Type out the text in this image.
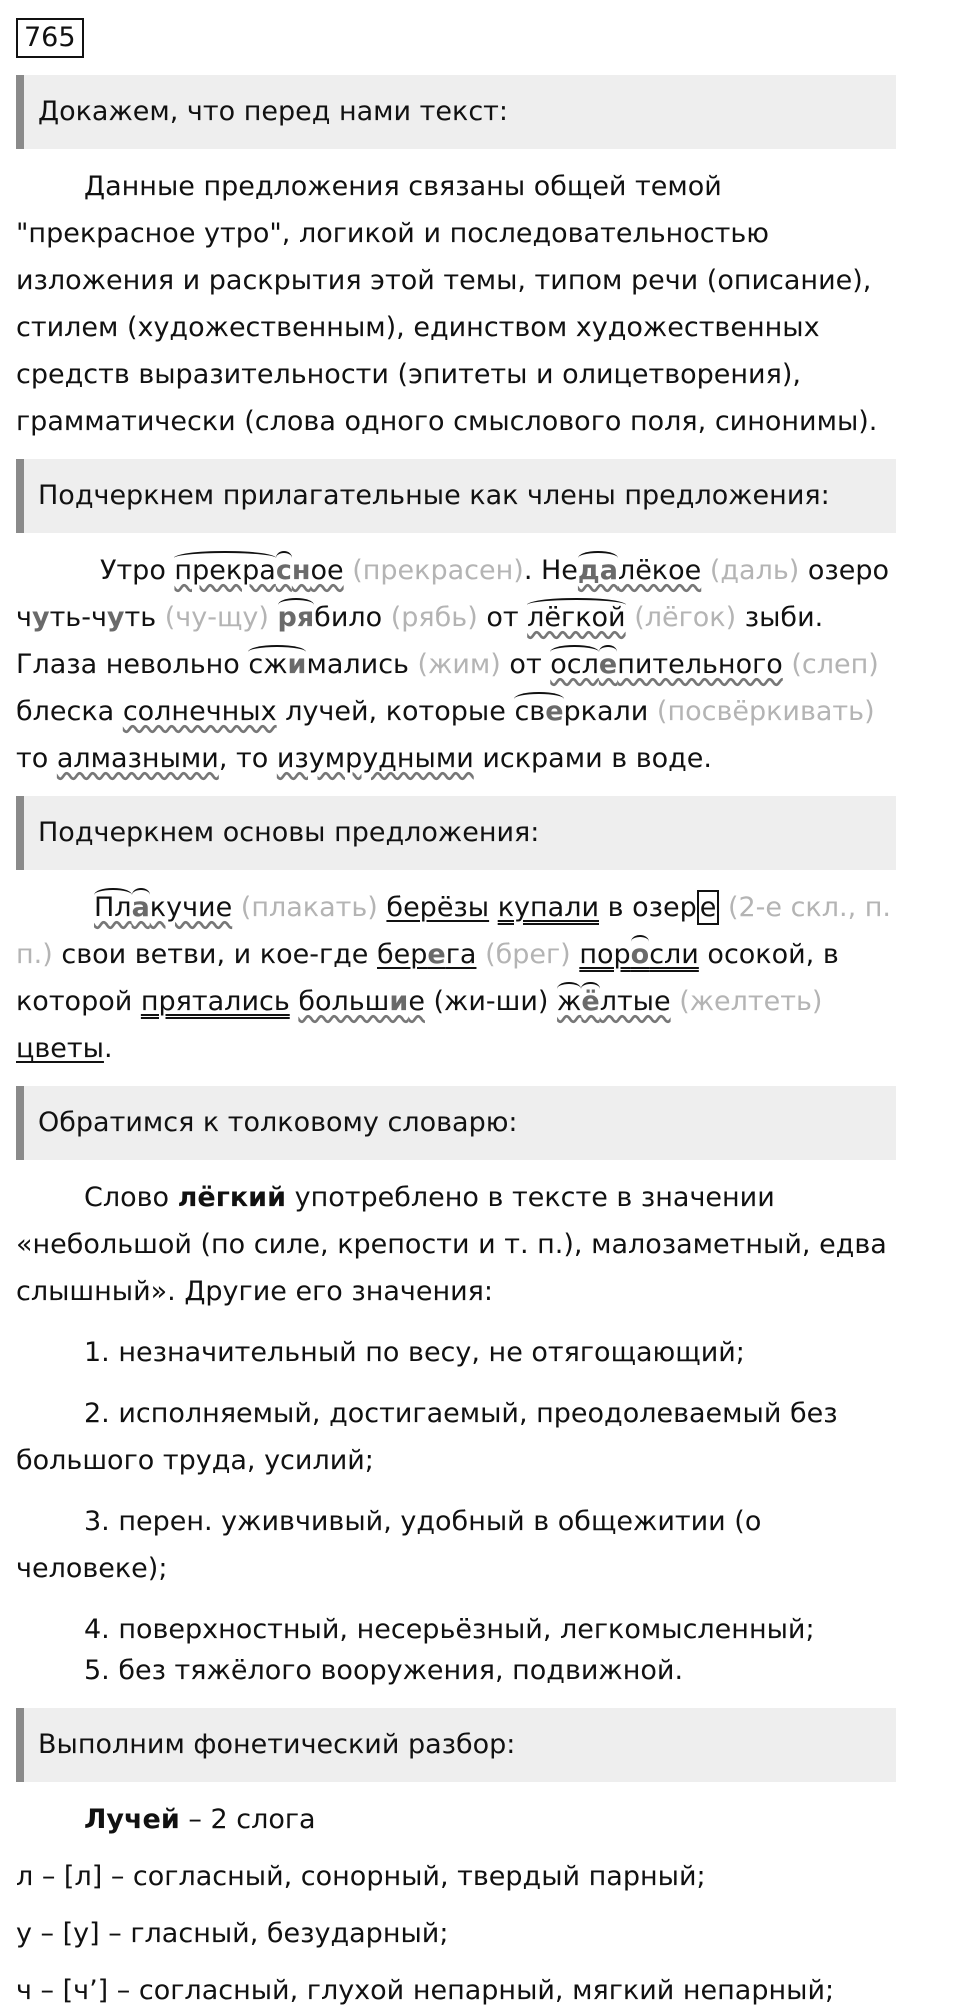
765
Докажем, что перед нами текст:

Данные предложения связаны общей темой "прекрасное утро", логикой и последовательностью изложения и раскрытия этой темы, типом речи (описание), стилем (художественным), единством художественных средств выразительности (эпитеты и олицетворения), грамматически (слова одного смыслового поля, синонимы).

Подчеркнем прилагательные как члены предложения:

Утро прекрасное (прекрасен). Недалёкое (даль) озеро чуть-чуть (чу-щу) рябило (рябь) от лёгкой (лёгок) зыби. Глаза невольно сжимались (жим) от ослепительного (слеп) блеска солнечных лучей, которые сверкали (посвёркивать) то алмазными, то изумрудными искрами в воде.

Подчеркнем основы предложения:

Плакучие (плакать) берёзы купали в озер е (2-е скл., п. п.) свои ветви, и кое-где берега (брег) поросли осокой, в которой прятались большие (жи-ши) жёлтые (желтеть) цветы.

Обратимся к толковому словарю:

Слово лёгкий употреблено в тексте в значении «небольшой (по силе, крепости и т. п.), малозаметный, едва слышный». Другие его значения:

1. незначительный по весу, не отягощающий;

2. исполняемый, достигаемый, преодолеваемый без большого труда, усилий;

3. перен. уживчивый, удобный в общежитии (о человеке);

4. поверхностный, несерьёзный, легкомысленный;

5. без тяжёлого вооружения, подвижной.

Выполним фонетический разбор:

Лучей – 2 слога

л – [л] – согласный, сонорный, твердый парный;

у – [у] – гласный, безударный;

ч – [ч’] – согласный, глухой непарный, мягкий непарный;
